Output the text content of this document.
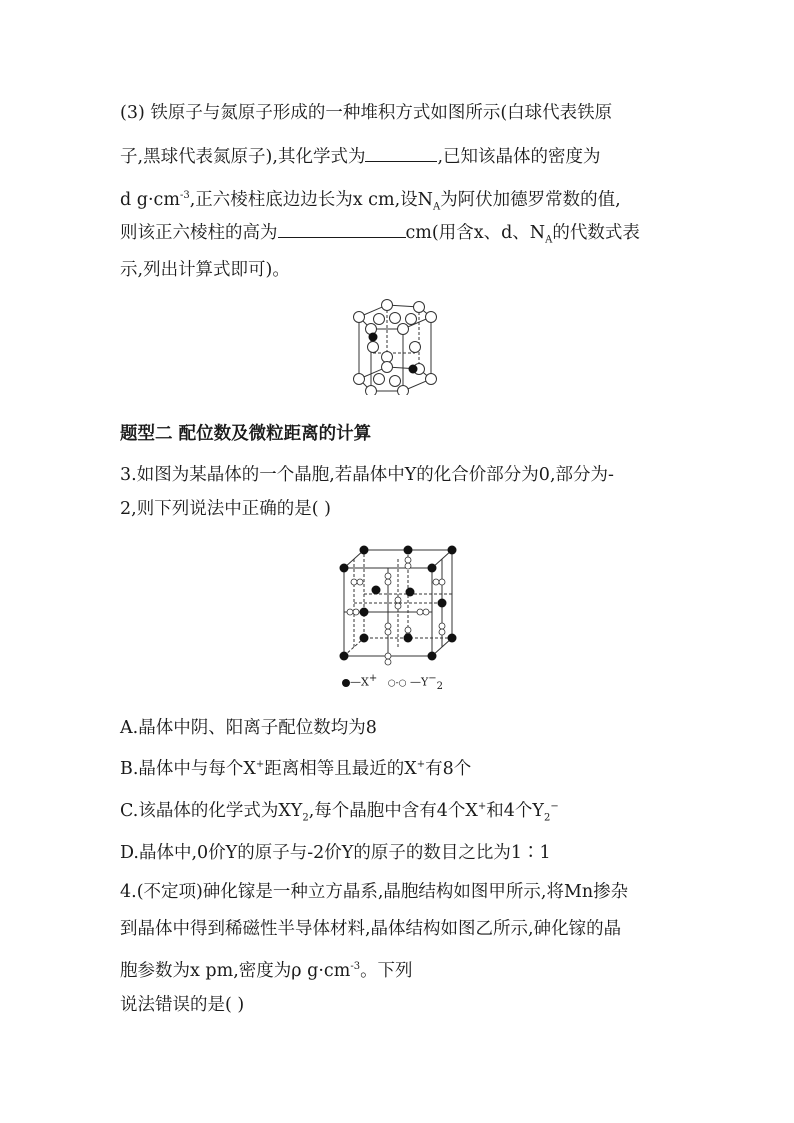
(3) 铁原子与氮原子形成的一种堆积方式如图所示(白球代表铁原
子,黑球代表氮原子),其化学式为	,已知该晶体的密度为
d $g\cdot cm^{-3}$,正六棱柱底边边长为x cm,设$N_A$为阿伏加德罗常数的值,
则该正六棱柱的高为	cm(用含x、d、$N_A$的代数式表
示,列出计算式即可)。
题型二 配位数及微粒距离的计算
3.如图为某晶体的一个晶胞,若晶体中Y的化合价部分为0,部分为-
2,则下列说法中正确的是( )
—X+ ○-○ $—Y^-_2$
A.晶体中阴、阳离子配位数均为8
B.晶体中与每个X+距离相等且最近的X+有8个
C.该晶体的化学式为$XY_2$,每个晶胞中含有4个X+和4个$Y_2^-$
D.晶体中,0价Y的原子与-2价Y的原子的数目之比为1∶1
4.(不定项)砷化镓是一种立方晶系,晶胞结构如图甲所示,将Mn掺杂
到晶体中得到稀磁性半导体材料,晶体结构如图乙所示,砷化镓的晶
胞参数为x pm,密度为ρ $g\cdot cm^{-3}$。下列
说法错误的是( )
